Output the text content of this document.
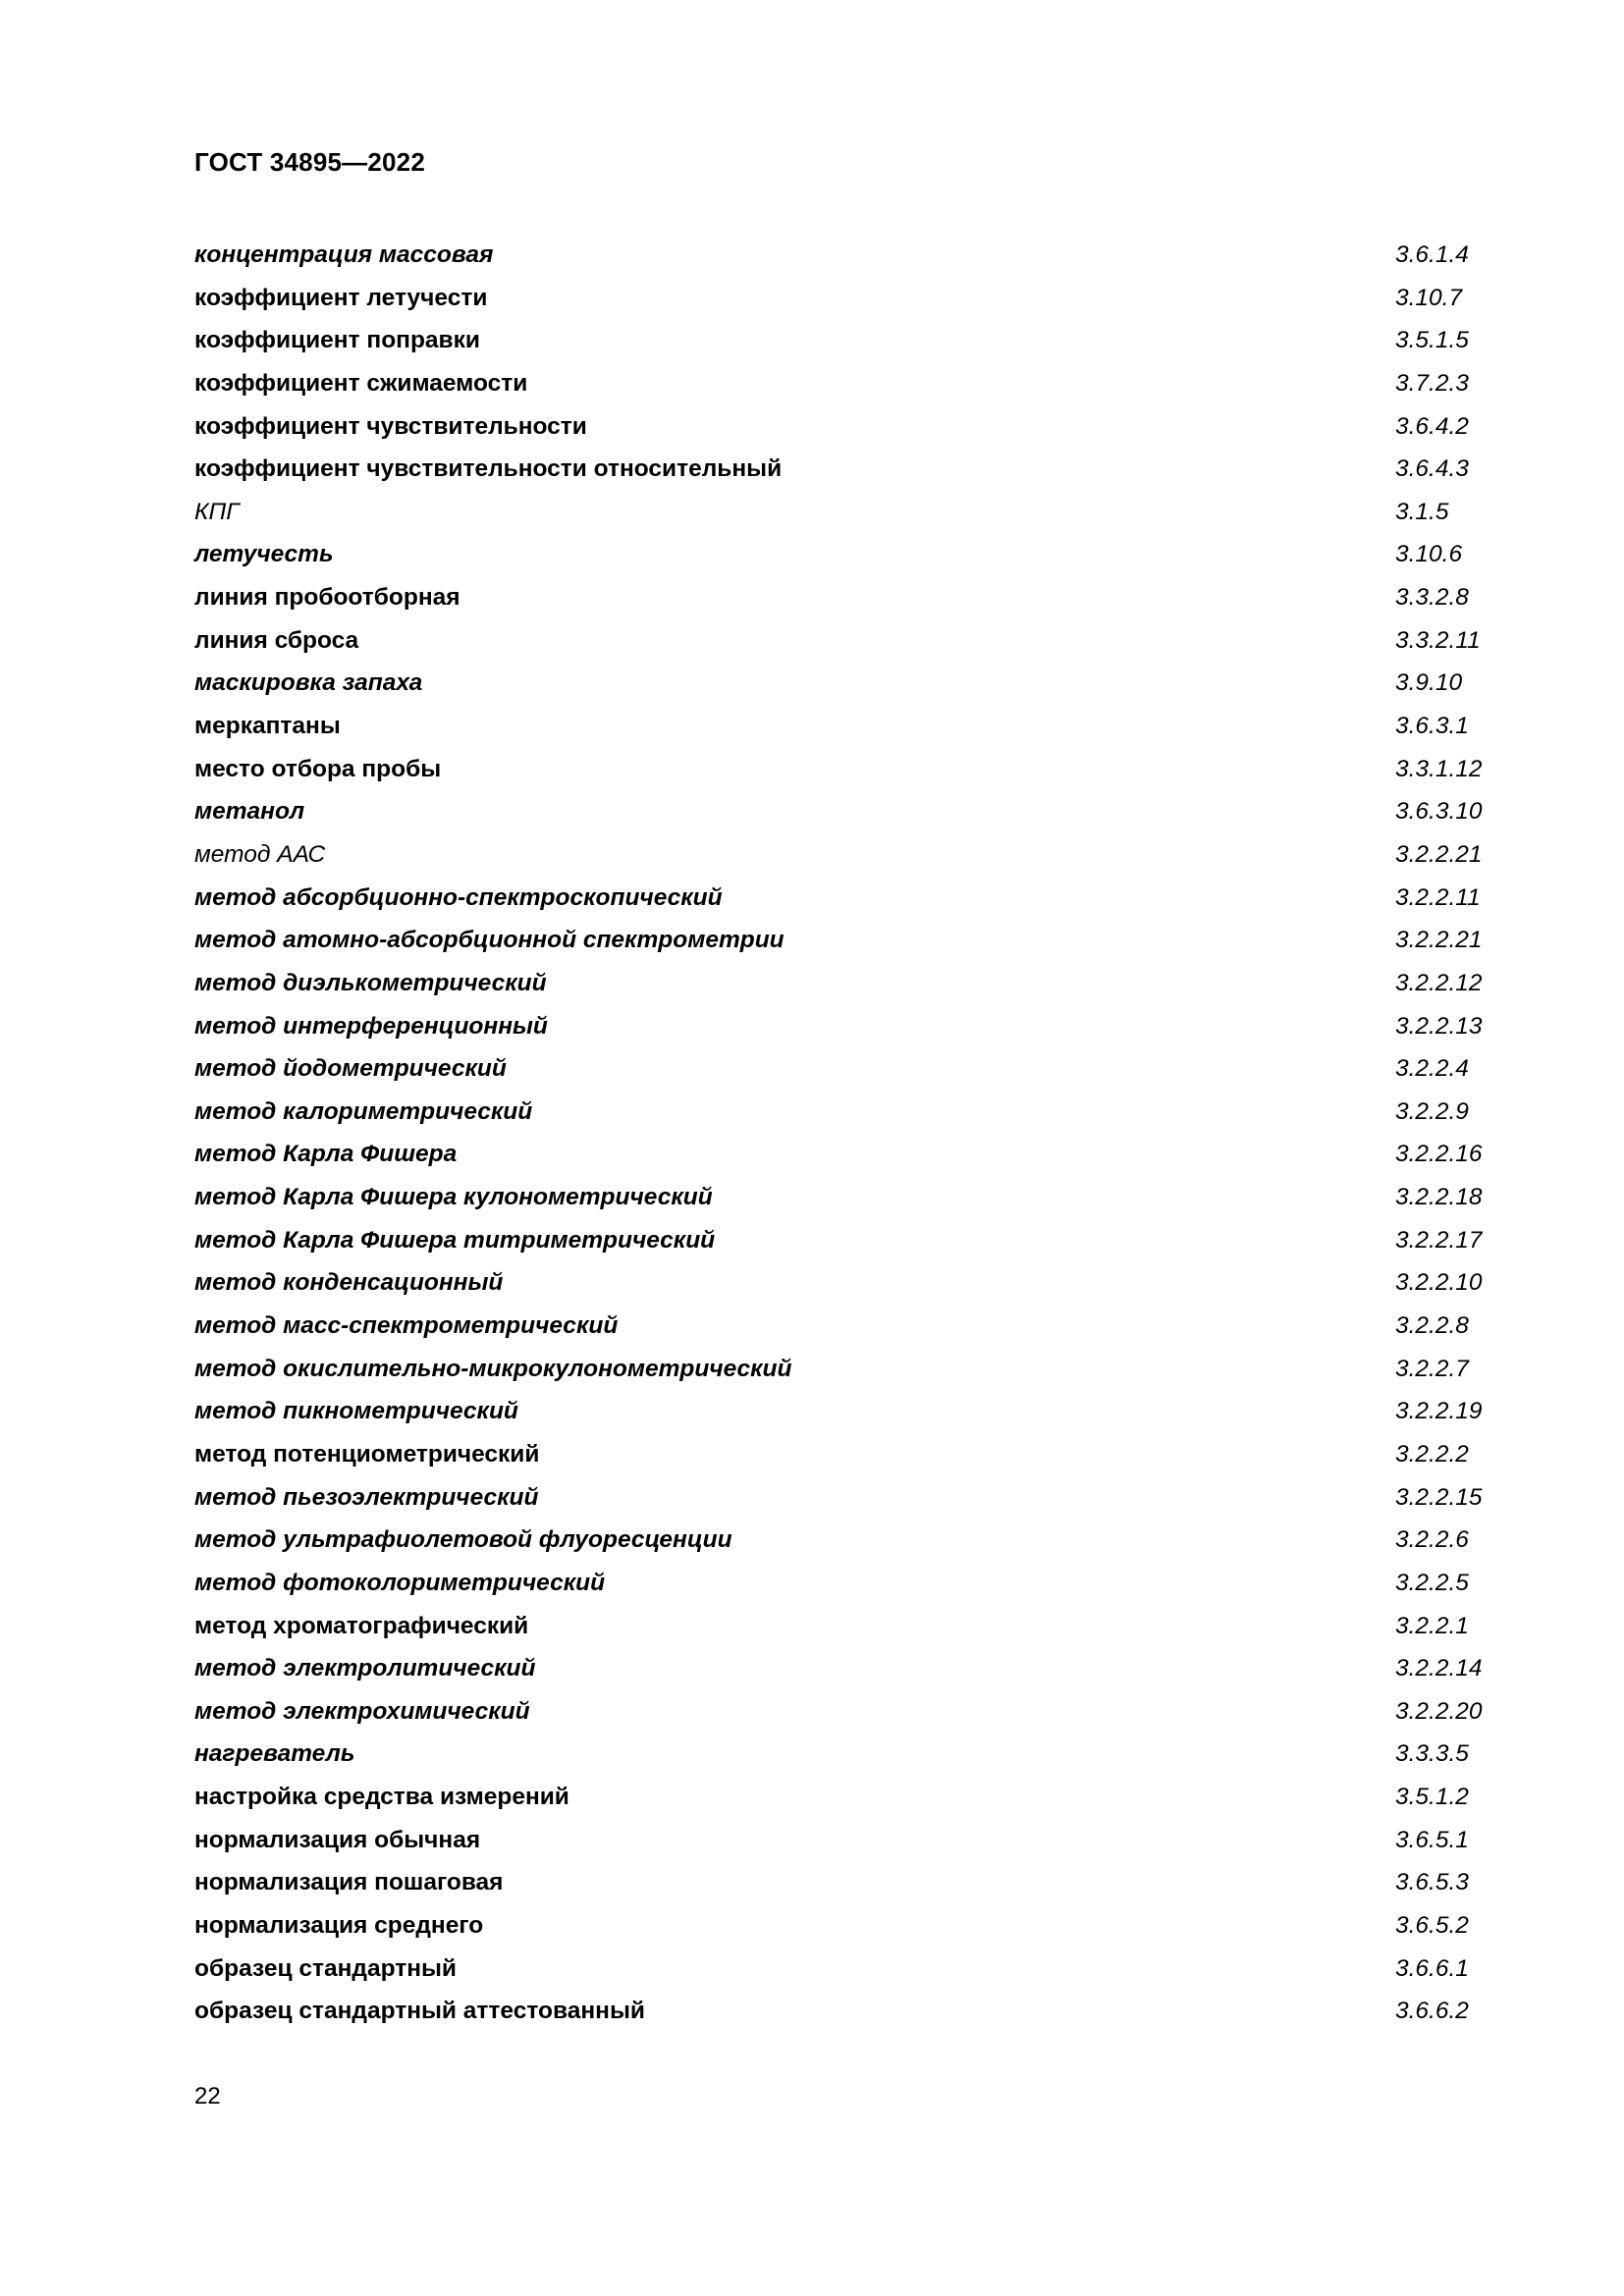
ГОСТ 34895—2022
концентрация массовая	3.6.1.4
коэффициент летучести	3.10.7
коэффициент поправки	3.5.1.5
коэффициент сжимаемости	3.7.2.3
коэффициент чувствительности	3.6.4.2
коэффициент чувствительности относительный	3.6.4.3
КПГ	3.1.5
летучесть	3.10.6
линия пробоотборная	3.3.2.8
линия сброса	3.3.2.11
маскировка запаха	3.9.10
меркаптаны	3.6.3.1
место отбора пробы	3.3.1.12
метанол	3.6.3.10
метод ААС	3.2.2.21
метод абсорбционно-спектроскопический	3.2.2.11
метод атомно-абсорбционной спектрометрии	3.2.2.21
метод диэлькометрический	3.2.2.12
метод интерференционный	3.2.2.13
метод йодометрический	3.2.2.4
метод калориметрический	3.2.2.9
метод Карла Фишера	3.2.2.16
метод Карла Фишера кулонометрический	3.2.2.18
метод Карла Фишера титриметрический	3.2.2.17
метод конденсационный	3.2.2.10
метод масс-спектрометрический	3.2.2.8
метод окислительно-микрокулонометрический	3.2.2.7
метод пикнометрический	3.2.2.19
метод потенциометрический	3.2.2.2
метод пьезоэлектрический	3.2.2.15
метод ультрафиолетовой флуоресценции	3.2.2.6
метод фотоколориметрический	3.2.2.5
метод хроматографический	3.2.2.1
метод электролитический	3.2.2.14
метод электрохимический	3.2.2.20
нагреватель	3.3.3.5
настройка средства измерений	3.5.1.2
нормализация обычная	3.6.5.1
нормализация пошаговая	3.6.5.3
нормализация среднего	3.6.5.2
образец стандартный	3.6.6.1
образец стандартный аттестованный	3.6.6.2
22
